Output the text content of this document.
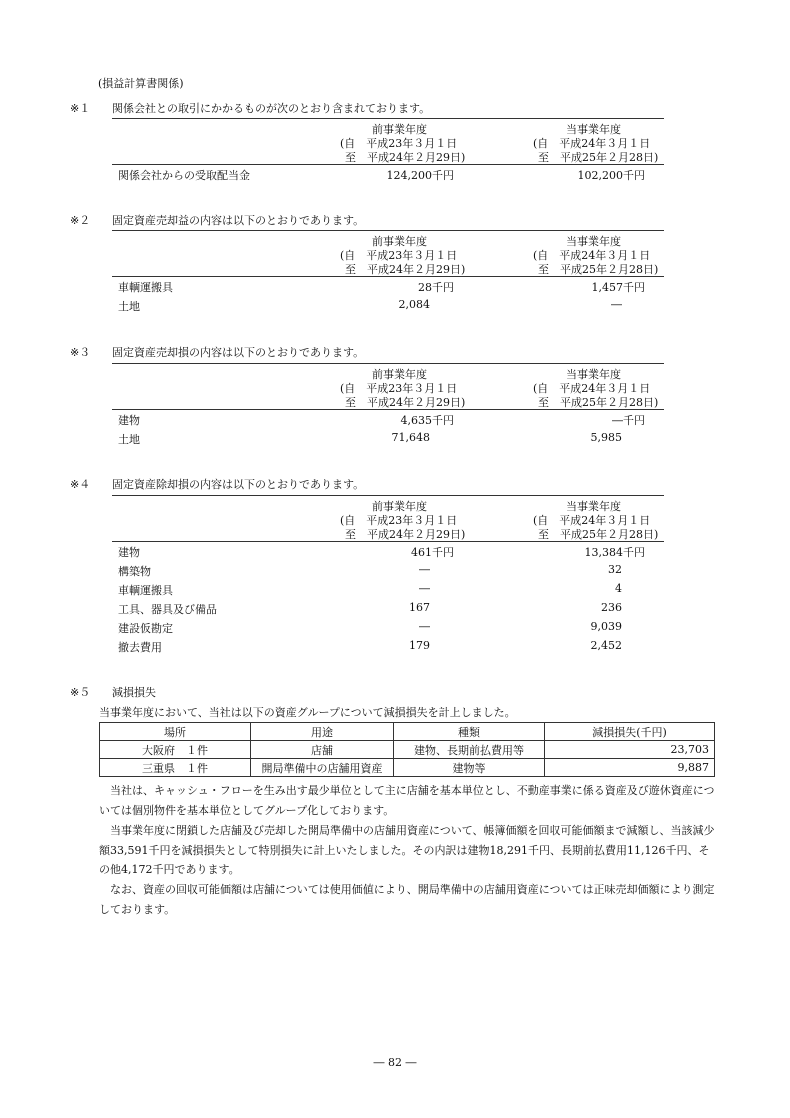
(損益計算書関係)
※１ 関係会社との取引にかかるものが次のとおり含まれております。
前事業年度
(自　平成23年３月１日
至　平成24年２月29日)
当事業年度
(自　平成24年３月１日
至　平成25年２月28日)
関係会社からの受取配当金	124,200千円	102,200千円
※２ 固定資産売却益の内容は以下のとおりであります。
前事業年度
(自　平成23年３月１日
至　平成24年２月29日)
当事業年度
(自　平成24年３月１日
至　平成25年２月28日)
車輌運搬具	28千円	1,457千円
土地	2,084	―
※３ 固定資産売却損の内容は以下のとおりであります。
前事業年度
(自　平成23年３月１日
至　平成24年２月29日)
当事業年度
(自　平成24年３月１日
至　平成25年２月28日)
建物	4,635千円	―千円
土地	71,648	5,985
※４ 固定資産除却損の内容は以下のとおりであります。
前事業年度
(自　平成23年３月１日
至　平成24年２月29日)
当事業年度
(自　平成24年３月１日
至　平成25年２月28日)
建物	461千円	13,384千円
構築物	―	32
車輌運搬具	―	4
工具、器具及び備品	167	236
建設仮勘定	―	9,039
撤去費用	179	2,452
※５ 減損損失
当事業年度において、当社は以下の資産グループについて減損損失を計上しました。
場所	用途	種類	減損損失(千円)
大阪府　１件	店舗	建物、長期前払費用等	23,703
三重県　１件	開局準備中の店舗用資産	建物等	9,887
　当社は、キャッシュ・フローを生み出す最少単位として主に店舗を基本単位とし、不動産事業に係る資産及び遊休資産については個別物件を基本単位としてグループ化しております。
　当事業年度に閉鎖した店舗及び売却した開局準備中の店舗用資産について、帳簿価額を回収可能価額まで減額し、当該減少額33,591千円を減損損失として特別損失に計上いたしました。その内訳は建物18,291千円、長期前払費用11,126千円、その他4,172千円であります。
　なお、資産の回収可能価額は店舗については使用価値により、開局準備中の店舗用資産については正味売却価額により測定しております。
― 82 ―
